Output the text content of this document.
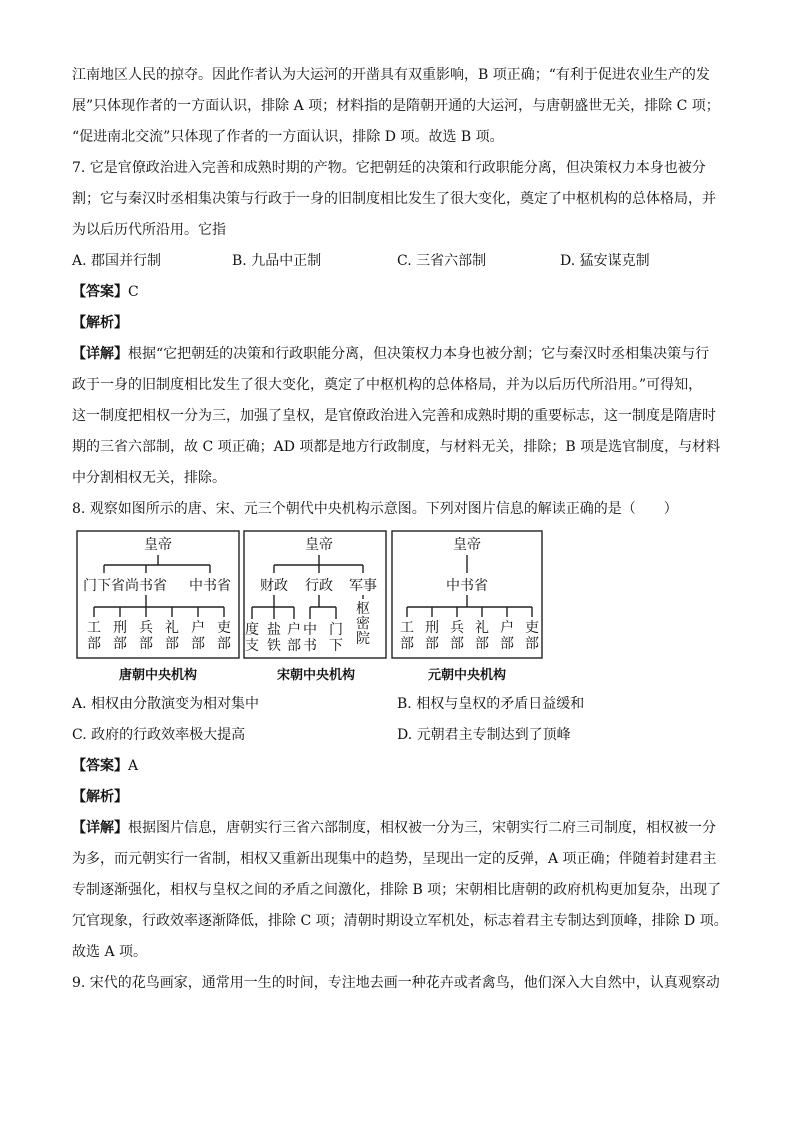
江南地区人民的掠夺。因此作者认为大运河的开凿具有双重影响，B 项正确；“有利于促进农业生产的发
展”只体现作者的一方面认识，排除 A 项；材料指的是隋朝开通的大运河，与唐朝盛世无关，排除 C 项；
“促进南北交流”只体现了作者的一方面认识，排除 D 项。故选 B 项。
7. 它是官僚政治进入完善和成熟时期的产物。它把朝廷的决策和行政职能分离，但决策权力本身也被分
割；它与秦汉时丞相集决策与行政于一身的旧制度相比发生了很大变化，奠定了中枢机构的总体格局，并
为以后历代所沿用。它指
A. 郡国并行制	B. 九品中正制	C. 三省六部制	D. 猛安谋克制
【答案】C
【解析】
【详解】根据“它把朝廷的决策和行政职能分离，但决策权力本身也被分割；它与秦汉时丞相集决策与行
政于一身的旧制度相比发生了很大变化，奠定了中枢机构的总体格局，并为以后历代所沿用。”可得知，
这一制度把相权一分为三，加强了皇权，是官僚政治进入完善和成熟时期的重要标志，这一制度是隋唐时
期的三省六部制，故 C 项正确；AD 项都是地方行政制度，与材料无关，排除；B 项是选官制度，与材料
中分割相权无关，排除。
8. 观察如图所示的唐、宋、元三个朝代中央机构示意图。下列对图片信息的解读正确的是（　　）
皇帝
门下省 尚书省 中书省
工部
刑部
兵部
礼部
户部
吏部
唐朝中央机构
皇帝
财政 行政 军事
度支
盐铁
户部
中书
门下
枢密院
宋朝中央机构
皇帝
中书省
工部
刑部
兵部
礼部
户部
吏部
元朝中央机构
A. 相权由分散演变为相对集中	B. 相权与皇权的矛盾日益缓和
C. 政府的行政效率极大提高	D. 元朝君主专制达到了顶峰
【答案】A
【解析】
【详解】根据图片信息，唐朝实行三省六部制度，相权被一分为三，宋朝实行二府三司制度，相权被一分
为多，而元朝实行一省制，相权又重新出现集中的趋势，呈现出一定的反弹，A 项正确；伴随着封建君主
专制逐渐强化，相权与皇权之间的矛盾之间激化，排除 B 项；宋朝相比唐朝的政府机构更加复杂，出现了
冗官现象，行政效率逐渐降低，排除 C 项；清朝时期设立军机处，标志着君主专制达到顶峰，排除 D 项。
故选 A 项。
9. 宋代的花鸟画家，通常用一生的时间，专注地去画一种花卉或者禽鸟，他们深入大自然中，认真观察动
